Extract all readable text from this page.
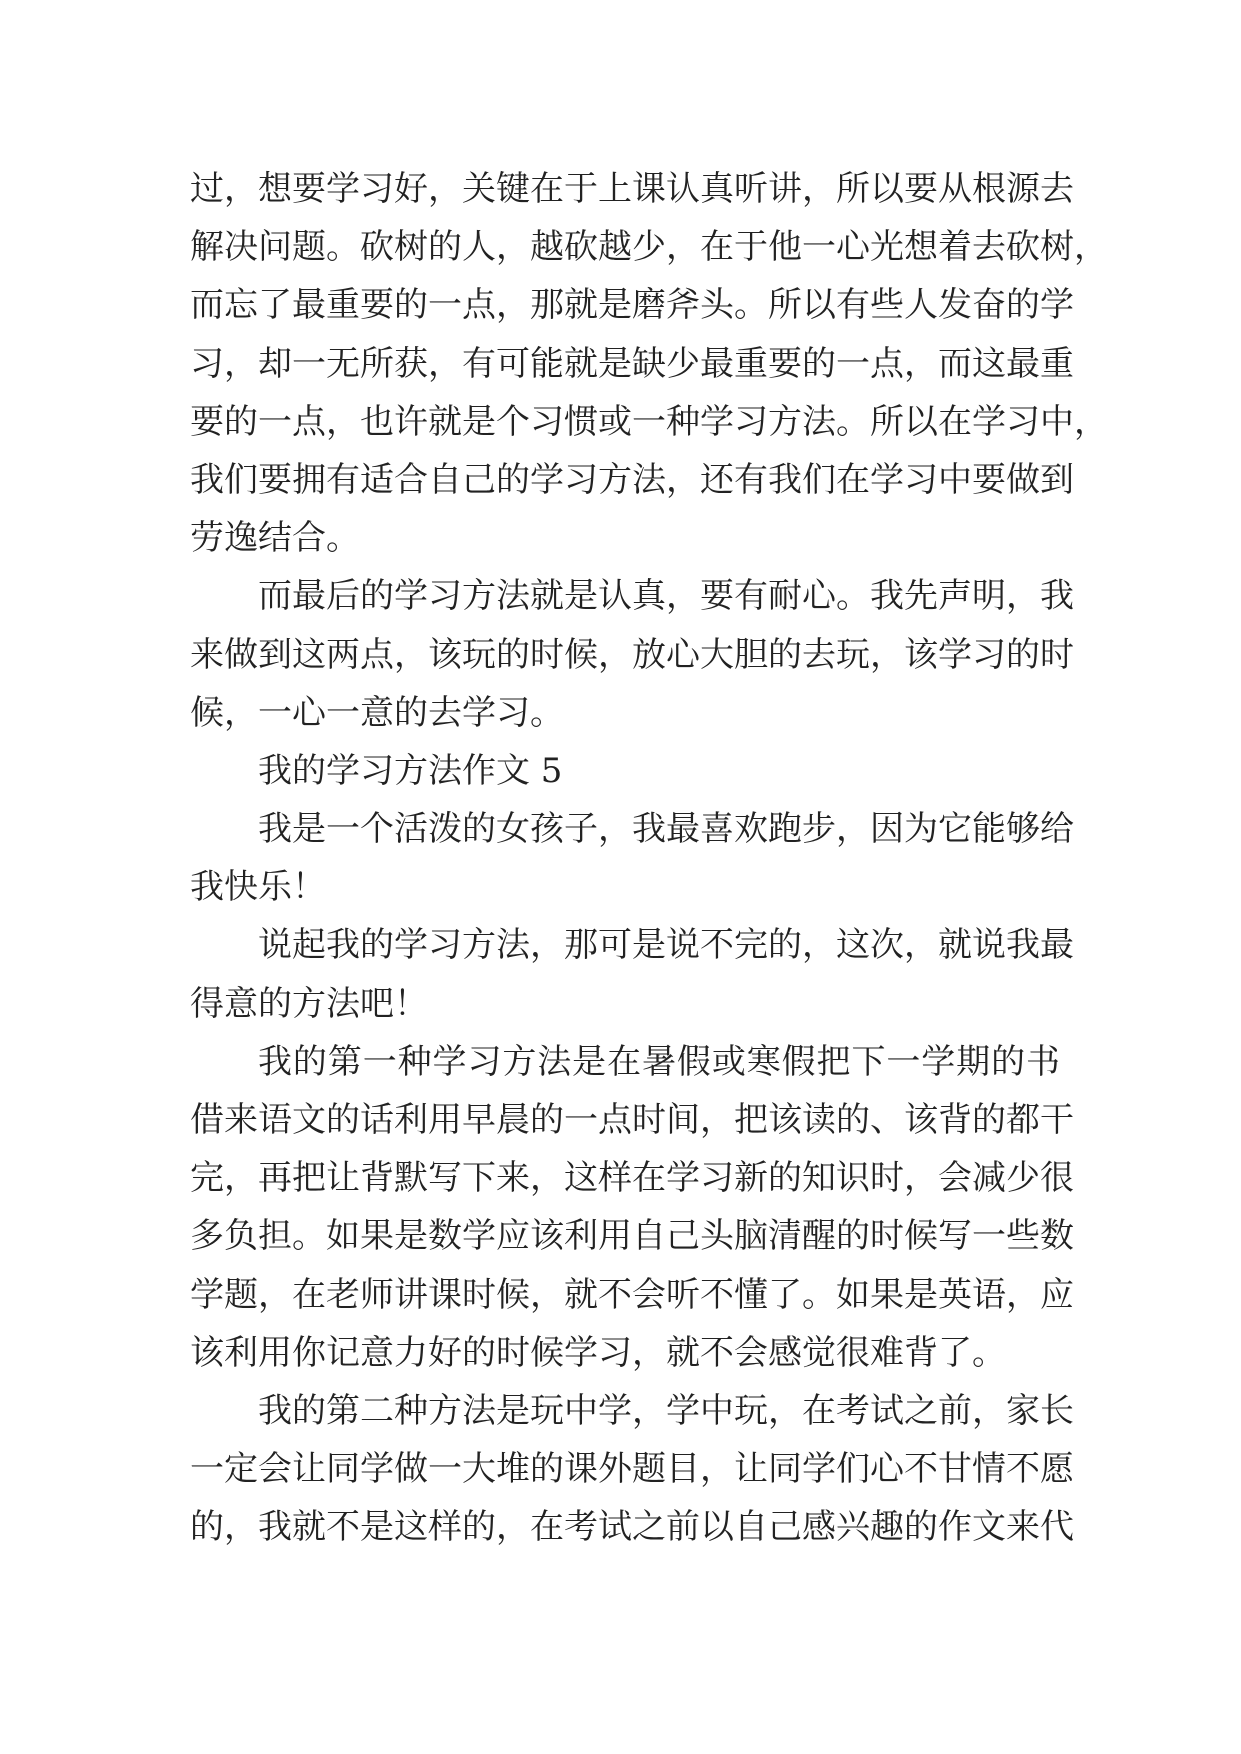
过，想要学习好，关键在于上课认真听讲，所以要从根源去
解决问题。砍树的人，越砍越少，在于他一心光想着去砍树，
而忘了最重要的一点，那就是磨斧头。所以有些人发奋的学
习，却一无所获，有可能就是缺少最重要的一点，而这最重
要的一点，也许就是个习惯或一种学习方法。所以在学习中，
我们要拥有适合自己的学习方法，还有我们在学习中要做到
劳逸结合。
而最后的学习方法就是认真，要有耐心。我先声明，我
来做到这两点，该玩的时候，放心大胆的去玩，该学习的时
候，一心一意的去学习。
我的学习方法作文 5
我是一个活泼的女孩子，我最喜欢跑步，因为它能够给
我快乐！
说起我的学习方法，那可是说不完的，这次，就说我最
得意的方法吧！
我的第一种学习方法是在暑假或寒假把下一学期的书
借来语文的话利用早晨的一点时间，把该读的、该背的都干
完，再把让背默写下来，这样在学习新的知识时，会减少很
多负担。如果是数学应该利用自己头脑清醒的时候写一些数
学题，在老师讲课时候，就不会听不懂了。如果是英语，应
该利用你记意力好的时候学习，就不会感觉很难背了。
我的第二种方法是玩中学，学中玩，在考试之前，家长
一定会让同学做一大堆的课外题目，让同学们心不甘情不愿
的，我就不是这样的，在考试之前以自己感兴趣的作文来代
